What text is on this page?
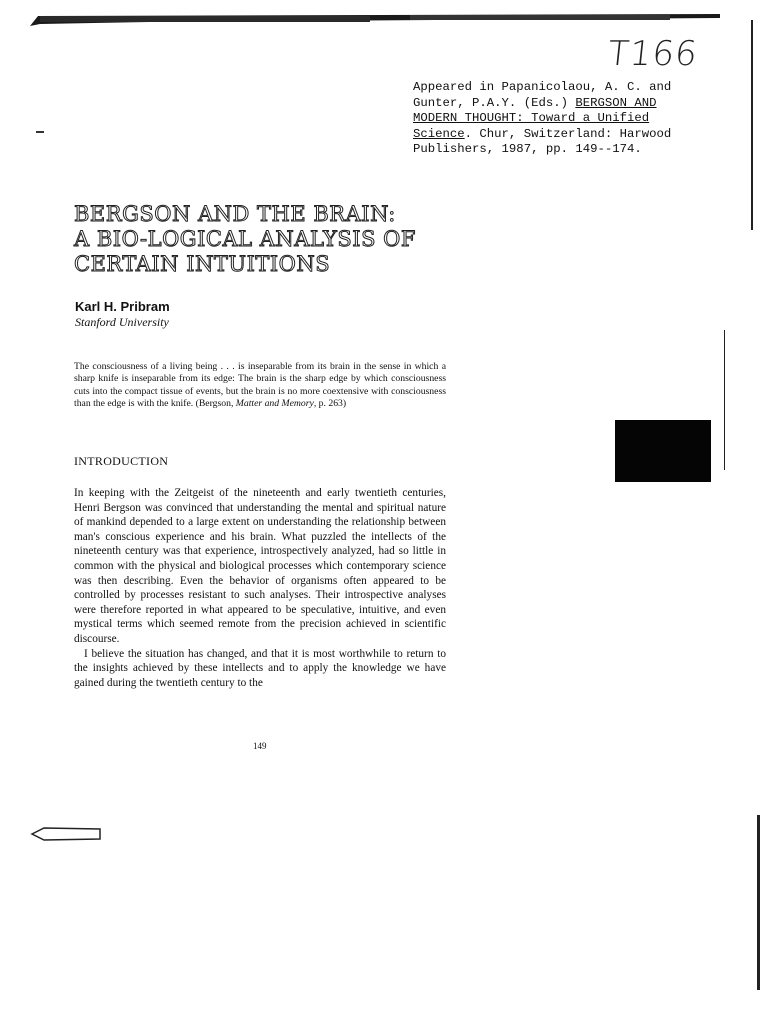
T166
Appeared in Papanicolaou, A. C. and
Gunter, P.A.Y. (Eds.) BERGSON AND
MODERN THOUGHT: Toward a Unified
Science. Chur, Switzerland: Harwood
Publishers, 1987, pp. 149--174.
BERGSON AND THE BRAIN:
A BIO-LOGICAL ANALYSIS OF
CERTAIN INTUITIONS
Karl H. Pribram
Stanford University
The consciousness of a living being . . . is inseparable from its brain in the sense in which a sharp knife is inseparable from its edge: The brain is the sharp edge by which consciousness cuts into the compact tissue of events, but the brain is no more coextensive with consciousness than the edge is with the knife. (Bergson, Matter and Memory, p. 263)
INTRODUCTION

In keeping with the Zeitgeist of the nineteenth and early twentieth centuries, Henri Bergson was convinced that understanding the mental and spiritual nature of mankind depended to a large extent on understanding the relationship between man's conscious experience and his brain. What puzzled the intellects of the nineteenth century was that experience, introspectively analyzed, had so little in common with the physical and biological processes which contemporary science was then describing. Even the behavior of organisms often appeared to be controlled by processes resistant to such analyses. Their introspective analyses were therefore reported in what appeared to be speculative, intuitive, and even mystical terms which seemed remote from the precision achieved in scientific discourse.

I believe the situation has changed, and that it is most worthwhile to return to the insights achieved by these intellects and to apply the knowledge we have gained during the twentieth century to the

149
